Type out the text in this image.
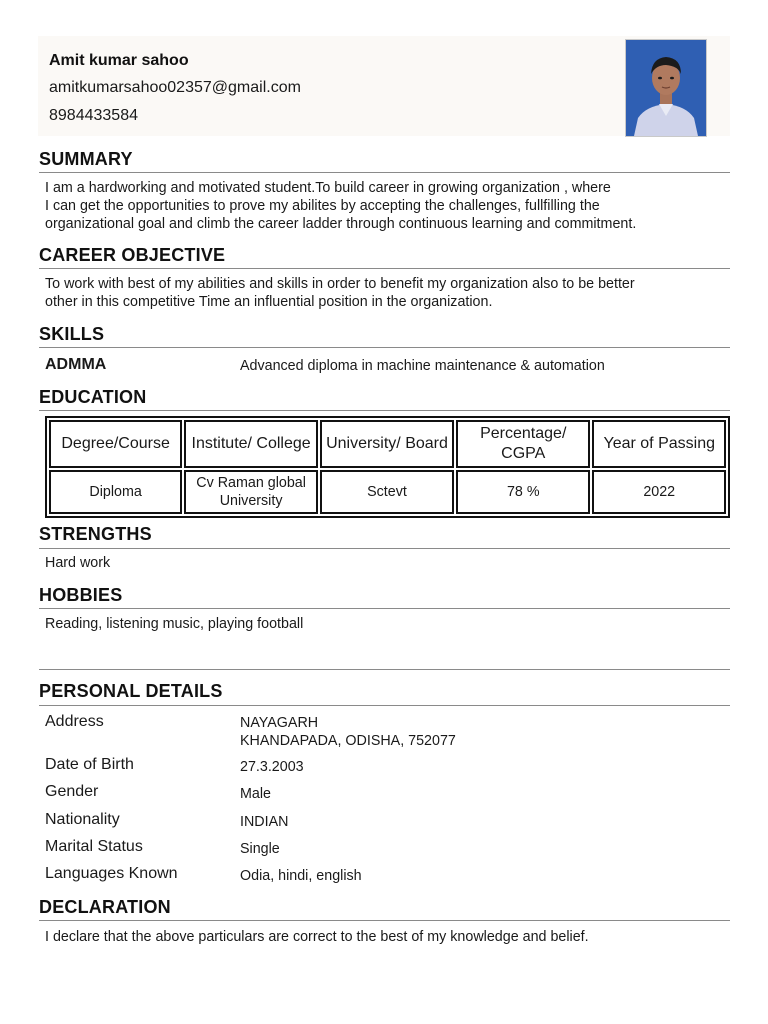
Amit kumar sahoo
amitkumarsahoo02357@gmail.com
8984433584
SUMMARY
I am a hardworking and motivated student.To build career in growing organization , where
I can get the opportunities to prove my abilites by accepting the challenges, fullfilling the
organizational goal and climb the career ladder through continuous learning and commitment.
CAREER OBJECTIVE
To work with best of my abilities and skills in order to benefit my organization also to be better
other in this competitive Time an influential position in the organization.
SKILLS
ADMMA	Advanced diploma in machine maintenance & automation
EDUCATION
Degree/Course	Institute/ College	University/ Board	Percentage/ CGPA	Year of Passing
Diploma	Cv Raman global University	Sctevt	78 %	2022
STRENGTHS
Hard work
HOBBIES
Reading, listening music, playing football
PERSONAL DETAILS
Address	NAYAGARH
KHANDAPADA, ODISHA, 752077
Date of Birth	27.3.2003
Gender	Male
Nationality	INDIAN
Marital Status	Single
Languages Known	Odia, hindi, english
DECLARATION
I declare that the above particulars are correct to the best of my knowledge and belief.
